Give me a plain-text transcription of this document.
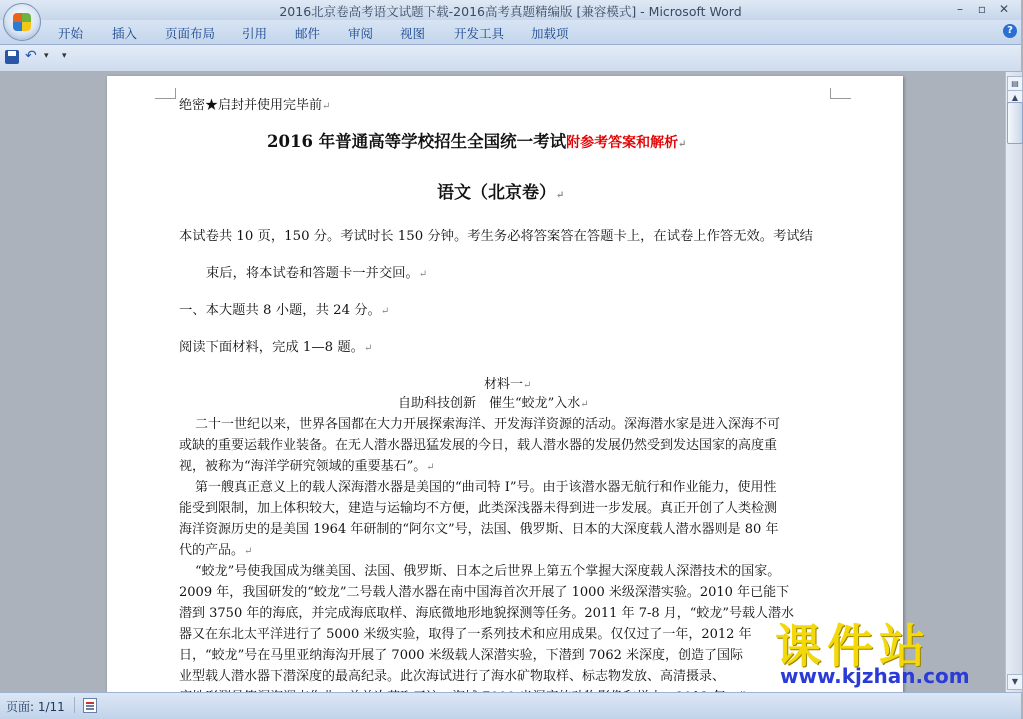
2016北京卷高考语文试题下载-2016高考真题精编版 [兼容模式] - Microsoft Word	–	▫	✕
开始 插入 页面布局 引用 邮件 审阅 视图 开发工具 加载项	?
↶ ▾ ▾
绝密★启封并使用完毕前↵
2016 年普通高等学校招生全国统一考试附参考答案和解析↵
语文（北京卷）↵
本试卷共 10 页，150 分。考试时长 150 分钟。考生务必将答案答在答题卡上，在试卷上作答无效。考试结
束后，将本试卷和答题卡一并交回。↵
一、本大题共 8 小题，共 24 分。↵
阅读下面材料，完成 1—8 题。↵
材料一↵
自助科技创新　催生“蛟龙”入水↵
二十一世纪以来，世界各国都在大力开展探索海洋、开发海洋资源的活动。深海潜水家是进入深海不可
或缺的重要运载作业装备。在无人潜水器迅猛发展的今日，载人潜水器的发展仍然受到发达国家的高度重
视，被称为“海洋学研究领域的重要基石”。↵
第一艘真正意义上的载人深海潜水器是美国的“曲司特 I”号。由于该潜水器无航行和作业能力，使用性
能受到限制，加上体积较大，建造与运输均不方便，此类深浅器未得到进一步发展。真正开创了人类检测
海洋资源历史的是美国 1964 年研制的“阿尔文”号，法国、俄罗斯、日本的大深度载人潜水器则是 80 年
代的产品。↵
“蛟龙”号使我国成为继美国、法国、俄罗斯、日本之后世界上第五个掌握大深度载人深潜技术的国家。
2009 年，我国研发的“蛟龙”二号载人潜水器在南中国海首次开展了 1000 米级深潜实验。2010 年已能下
潜到 3750 年的海底，并完成海底取样、海底微地形地貌探测等任务。2011 年 7-8 月，“蛟龙”号载人潜水
器又在东北太平洋进行了 5000 米级实验，取得了一系列技术和应用成果。仅仅过了一年，2012 年
日，“蛟龙”号在马里亚纳海沟开展了 7000 米级载人深潜实验，下潜到 7062 米深度，创造了国际
业型载人潜水器下潜深度的最高纪录。此次海试进行了海水矿物取样、标志物发放、高清摄录、
▤
▲
▼
页面: 1/11
课件站
www.kjzhan.com
